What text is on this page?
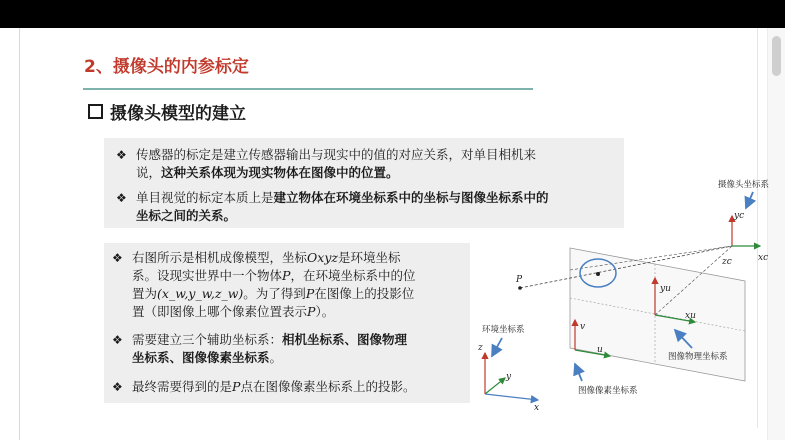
2、摄像头的内参标定
摄像头模型的建立
❖ 传感器的标定是建立传感器输出与现实中的值的对应关系，对单目相机来
说，这种关系体现为现实物体在图像中的位置。
❖ 单目视觉的标定本质上是建立物体在环境坐标系中的坐标与图像坐标系中的
坐标之间的关系。
❖ 右图所示是相机成像模型，坐标Oxyz是环境坐标
系。设现实世界中一个物体P，在环境坐标系中的位
置为(x_w,y_w,z_w)。为了得到P在图像上的投影位
置（即图像上哪个像素位置表示P）。
❖ 需要建立三个辅助坐标系：相机坐标系、图像物理
坐标系、图像像素坐标系。
❖ 最终需要得到的是P点在图像像素坐标系上的投影。
P
yc
xc
zc
摄像头坐标系
yu
xu
图像物理坐标系
v
u
图像像素坐标系
环境坐标系
z
y
x
